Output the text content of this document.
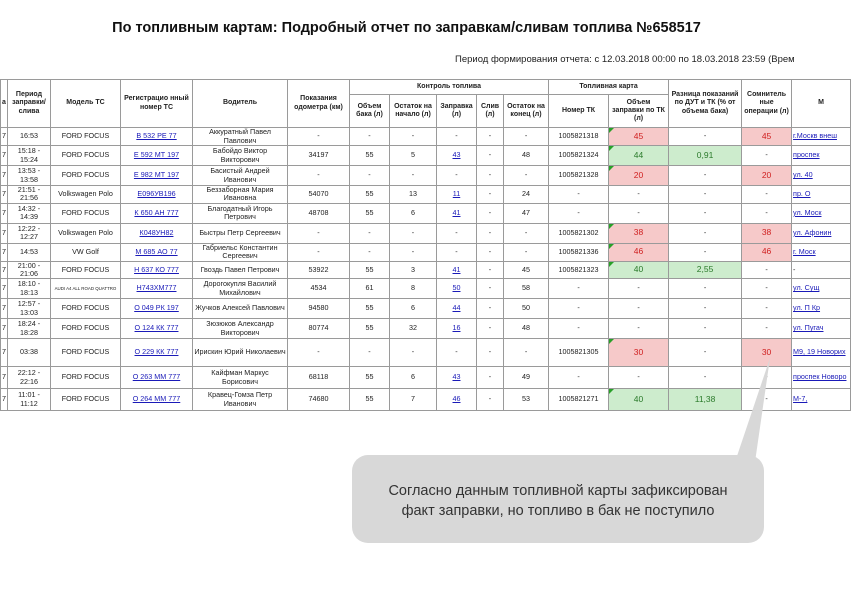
По топливным картам: Подробный отчет по заправкам/сливам топлива №658517
Период формирования отчета: с 12.03.2018 00:00 по 18.03.2018 23:59 (Врем
а	Период заправки/ слива	Модель ТС	Регистрацио нный номер ТС	Водитель	Показания одометра (км)	Контроль топлива					Топливная карта		Разница показаний по ДУТ и ТК (% от объема бака)	Сомнитель ные операции (л)	М
						Объем бака (л)	Остаток на начало (л)	Заправка (л)	Слив (л)	Остаток на конец (л)	Номер ТК	Объем заправки по ТК (л)			
7	16:53	FORD FOCUS	В 532 РЕ 77	Аккуратный Павел Павлович	-	-	-	-	-	-	1005821318	45	-	45	г.Москв внеш
7	15:18 - 15:24	FORD FOCUS	Е 592 МТ 197	Бабойдо Виктор Викторович	34197	55	5	43	-	48	1005821324	44	0,91	-	проспек
7	13:53 - 13:58	FORD FOCUS	Е 982 МТ 197	Басистый Андрей Иванович	-	-	-	-	-	-	1005821328	20	-	20	ул. 40
7	21:51 - 21:56	Volkswagen Polo	Е096УВ196	Беззаборная Мария Ивановна	54070	55	13	11	-	24	-	-	-	-	пр. О
7	14:32 - 14:39	FORD FOCUS	К 650 АН 777	Благодатный Игорь Петрович	48708	55	6	41	-	47	-	-	-	-	ул. Моск
7	12:22 - 12:27	Volkswagen Polo	К048УН82	Быстры Петр Сергеевич	-	-	-	-	-	-	1005821302	38	-	38	ул. Афонин
7	14:53	VW Golf	М 685 АО 77	Габриельс Константин Сергеевич	-	-	-	-	-	-	1005821336	46	-	46	г. Моск
7	21:00 - 21:06	FORD FOCUS	Н 637 КО 777	Гвоздь Павел Петрович	53922	55	3	41	-	45	1005821323	40	2,55	-	-
7	18:10 - 18:13	AUDI A4 ALL ROAD QUATTRO	Н743ХМ777	Дорогокупля Василий Михайлович	4534	61	8	50	-	58	-	-	-	-	ул. Сущ
7	12:57 - 13:03	FORD FOCUS	О 049 РК 197	Жучков Алексей Павлович	94580	55	6	44	-	50	-	-	-	-	ул. П Кр
7	18:24 - 18:28	FORD FOCUS	О 124 КК 777	Зюзюков Александр Викторович	80774	55	32	16	-	48	-	-	-	-	ул. Пугач
7	03:38	FORD FOCUS	О 229 КК 777	Ирискин Юрий Николаевич	-	-	-	-	-	-	1005821305	30	-	30	М9, 19 Новорих
7	22:12 - 22:16	FORD FOCUS	О 263 ММ 777	Кайфман Маркус Борисович	68118	55	6	43	-	49	-	-	-		проспек Новоро
7	11:01 - 11:12	FORD FOCUS	О 264 ММ 777	Кравец-Гомза Петр Иванович	74680	55	7	46	-	53	1005821271	40	11,38	-	М-7,
Согласно данным топливной карты зафиксирован
факт заправки, но топливо в бак не поступило
